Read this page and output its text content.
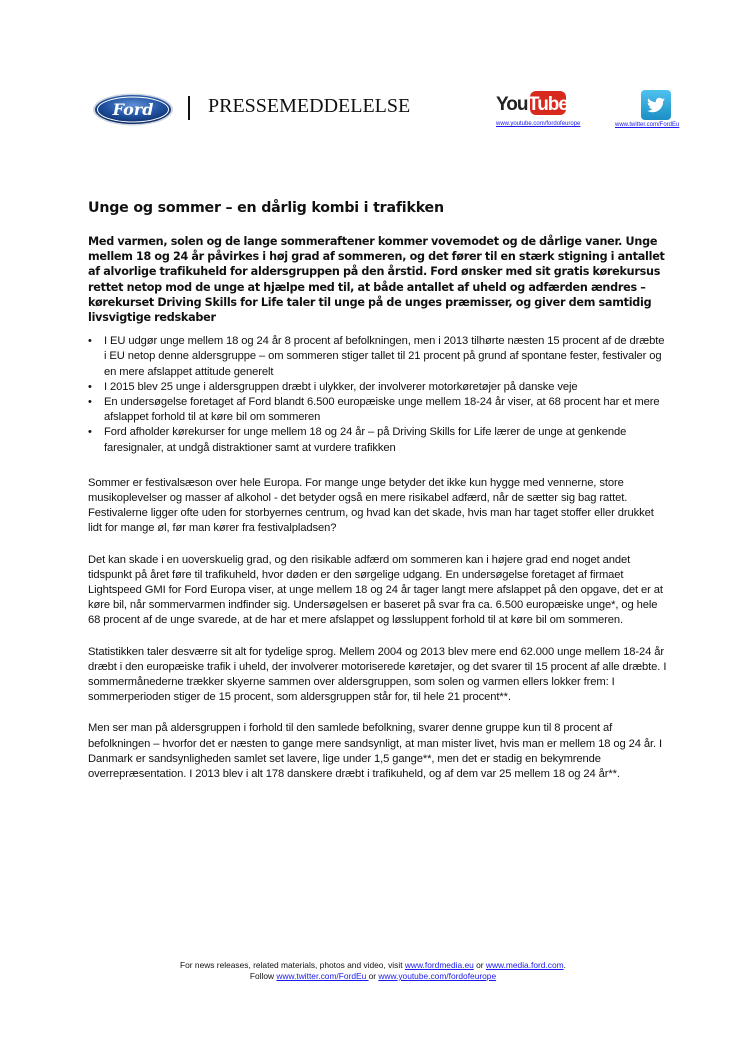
Ford	PRESSEMEDDELELSE	You Tube
www.youtube.com/fordofeurope	www.twitter.com/FordEu
Unge og sommer – en dårlig kombi i trafikken

Med varmen, solen og de lange sommeraftener kommer vovemodet og de dårlige vaner. Unge mellem 18 og 24 år påvirkes i høj grad af sommeren, og det fører til en stærk stigning i antallet af alvorlige trafikuheld for aldersgruppen på den årstid. Ford ønsker med sit gratis kørekursus rettet netop mod de unge at hjælpe med til, at både antallet af uheld og adfærden ændres – kørekurset Driving Skills for Life taler til unge på de unges præmisser, og giver dem samtidig livsvigtige redskaber

• I EU udgør unge mellem 18 og 24 år 8 procent af befolkningen, men i 2013 tilhørte næsten 15 procent af de dræbte i EU netop denne aldersgruppe – om sommeren stiger tallet til 21 procent på grund af spontane fester, festivaler og en mere afslappet attitude generelt
• I 2015 blev 25 unge i aldersgruppen dræbt i ulykker, der involverer motorkøretøjer på danske veje
• En undersøgelse foretaget af Ford blandt 6.500 europæiske unge mellem 18-24 år viser, at 68 procent har et mere afslappet forhold til at køre bil om sommeren
• Ford afholder kørekurser for unge mellem 18 og 24 år – på Driving Skills for Life lærer de unge at genkende faresignaler, at undgå distraktioner samt at vurdere trafikken

Sommer er festivalsæson over hele Europa. For mange unge betyder det ikke kun hygge med vennerne, store musikoplevelser og masser af alkohol - det betyder også en mere risikabel adfærd, når de sætter sig bag rattet. Festivalerne ligger ofte uden for storbyernes centrum, og hvad kan det skade, hvis man har taget stoffer eller drukket lidt for mange øl, før man kører fra festivalpladsen?

Det kan skade i en uoverskuelig grad, og den risikable adfærd om sommeren kan i højere grad end noget andet tidspunkt på året føre til trafikuheld, hvor døden er den sørgelige udgang. En undersøgelse foretaget af firmaet Lightspeed GMI for Ford Europa viser, at unge mellem 18 og 24 år tager langt mere afslappet på den opgave, det er at køre bil, når sommervarmen indfinder sig. Undersøgelsen er baseret på svar fra ca. 6.500 europæiske unge*, og hele 68 procent af de unge svarede, at de har et mere afslappet og løssluppent forhold til at køre bil om sommeren.

Statistikken taler desværre sit alt for tydelige sprog. Mellem 2004 og 2013 blev mere end 62.000 unge mellem 18-24 år dræbt i den europæiske trafik i uheld, der involverer motoriserede køretøjer, og det svarer til 15 procent af alle dræbte. I sommermånederne trækker skyerne sammen over aldersgruppen, som solen og varmen ellers lokker frem: I sommerperioden stiger de 15 procent, som aldersgruppen står for, til hele 21 procent**.

Men ser man på aldersgruppen i forhold til den samlede befolkning, svarer denne gruppe kun til 8 procent af befolkningen – hvorfor det er næsten to gange mere sandsynligt, at man mister livet, hvis man er mellem 18 og 24 år. I Danmark er sandsynligheden samlet set lavere, lige under 1,5 gange**, men det er stadig en bekymrende overrepræsentation. I 2013 blev i alt 178 danskere dræbt i trafikuheld, og af dem var 25 mellem 18 og 24 år**.

For news releases, related materials, photos and video, visit www.fordmedia.eu or www.media.ford.com.
Follow www.twitter.com/FordEu or www.youtube.com/fordofeurope
